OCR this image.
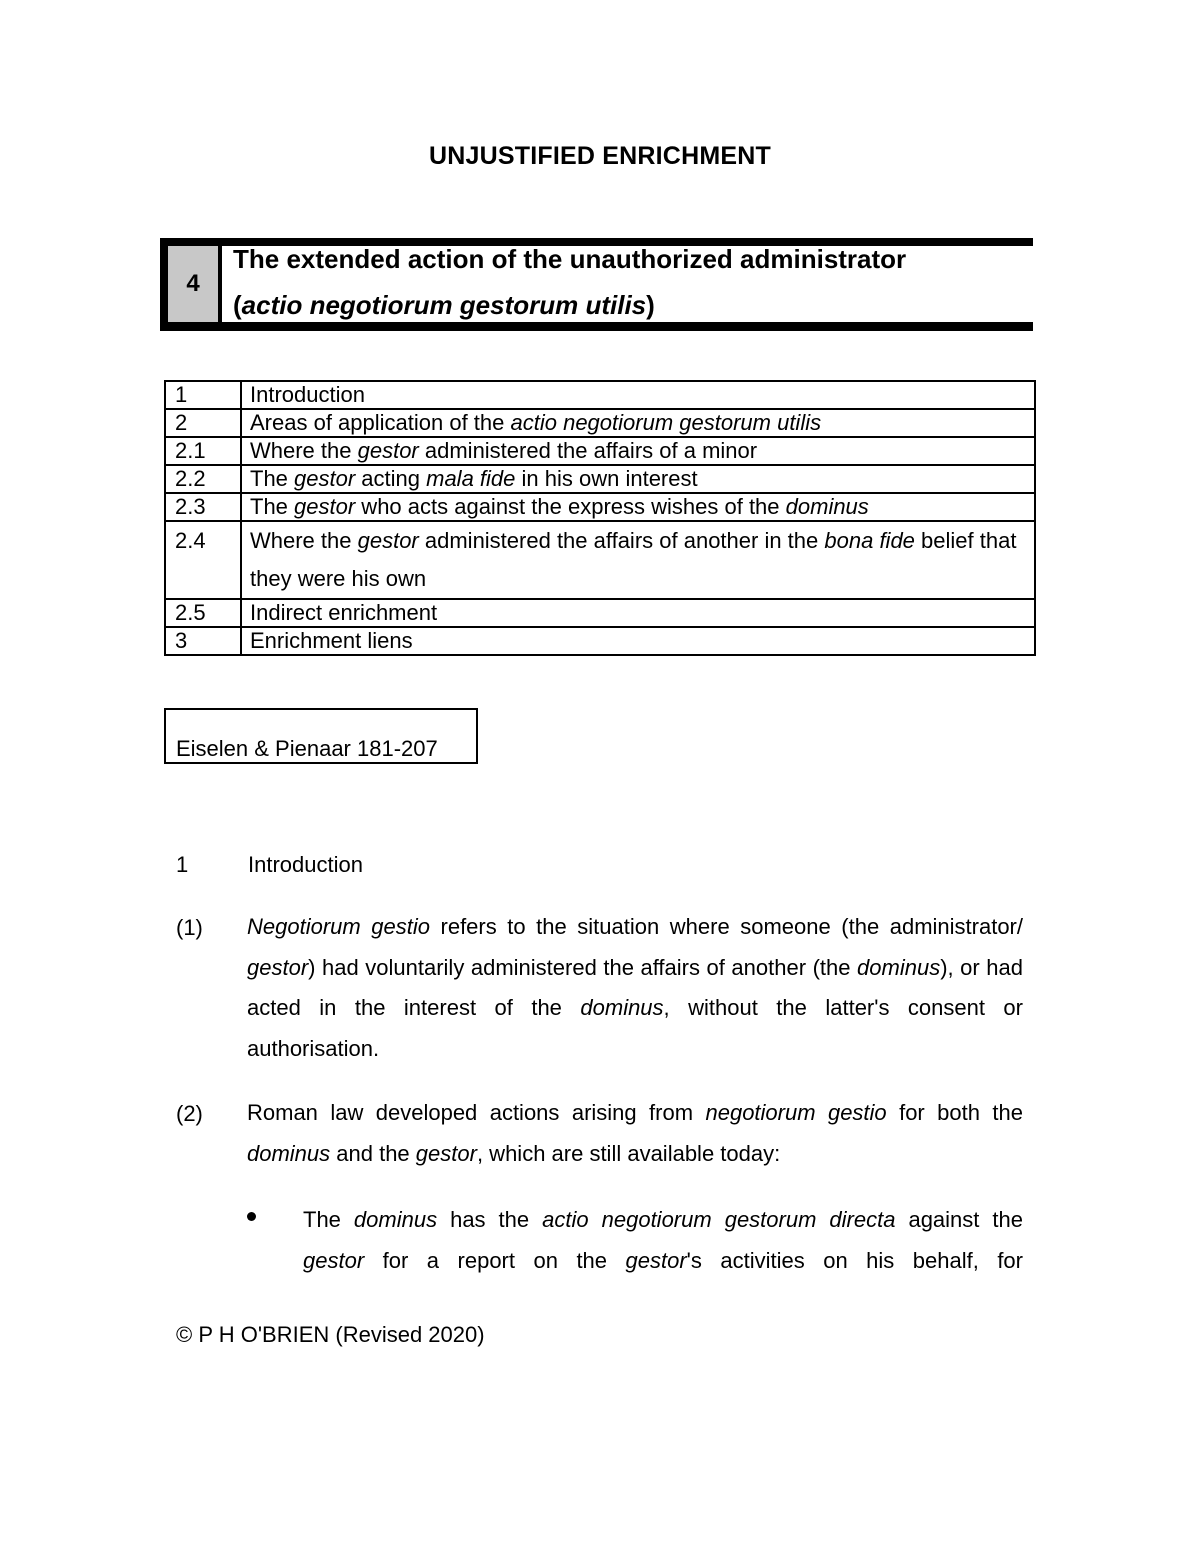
UNJUSTIFIED ENRICHMENT
4
The extended action of the unauthorized administrator
(actio negotiorum gestorum utilis)
1	Introduction
2	Areas of application of the actio negotiorum gestorum utilis
2.1	Where the gestor administered the affairs of a minor
2.2	The gestor acting mala fide in his own interest
2.3	The gestor who acts against the express wishes of the dominus
2.4	Where the gestor administered the affairs of another in the bona fide belief that they were his own
2.5	Indirect enrichment
3	Enrichment liens
Eiselen & Pienaar 181-207
1	Introduction
(1) Negotiorum gestio refers to the situation where someone (the administrator/ gestor) had voluntarily administered the affairs of another (the dominus), or had acted in the interest of the dominus, without the latter's consent or authorisation.
(2) Roman law developed actions arising from negotiorum gestio for both the dominus and the gestor, which are still available today:
The dominus has the actio negotiorum gestorum directa against the gestor for a report on the gestor's activities on his behalf, for
© P H O'BRIEN (Revised 2020)
